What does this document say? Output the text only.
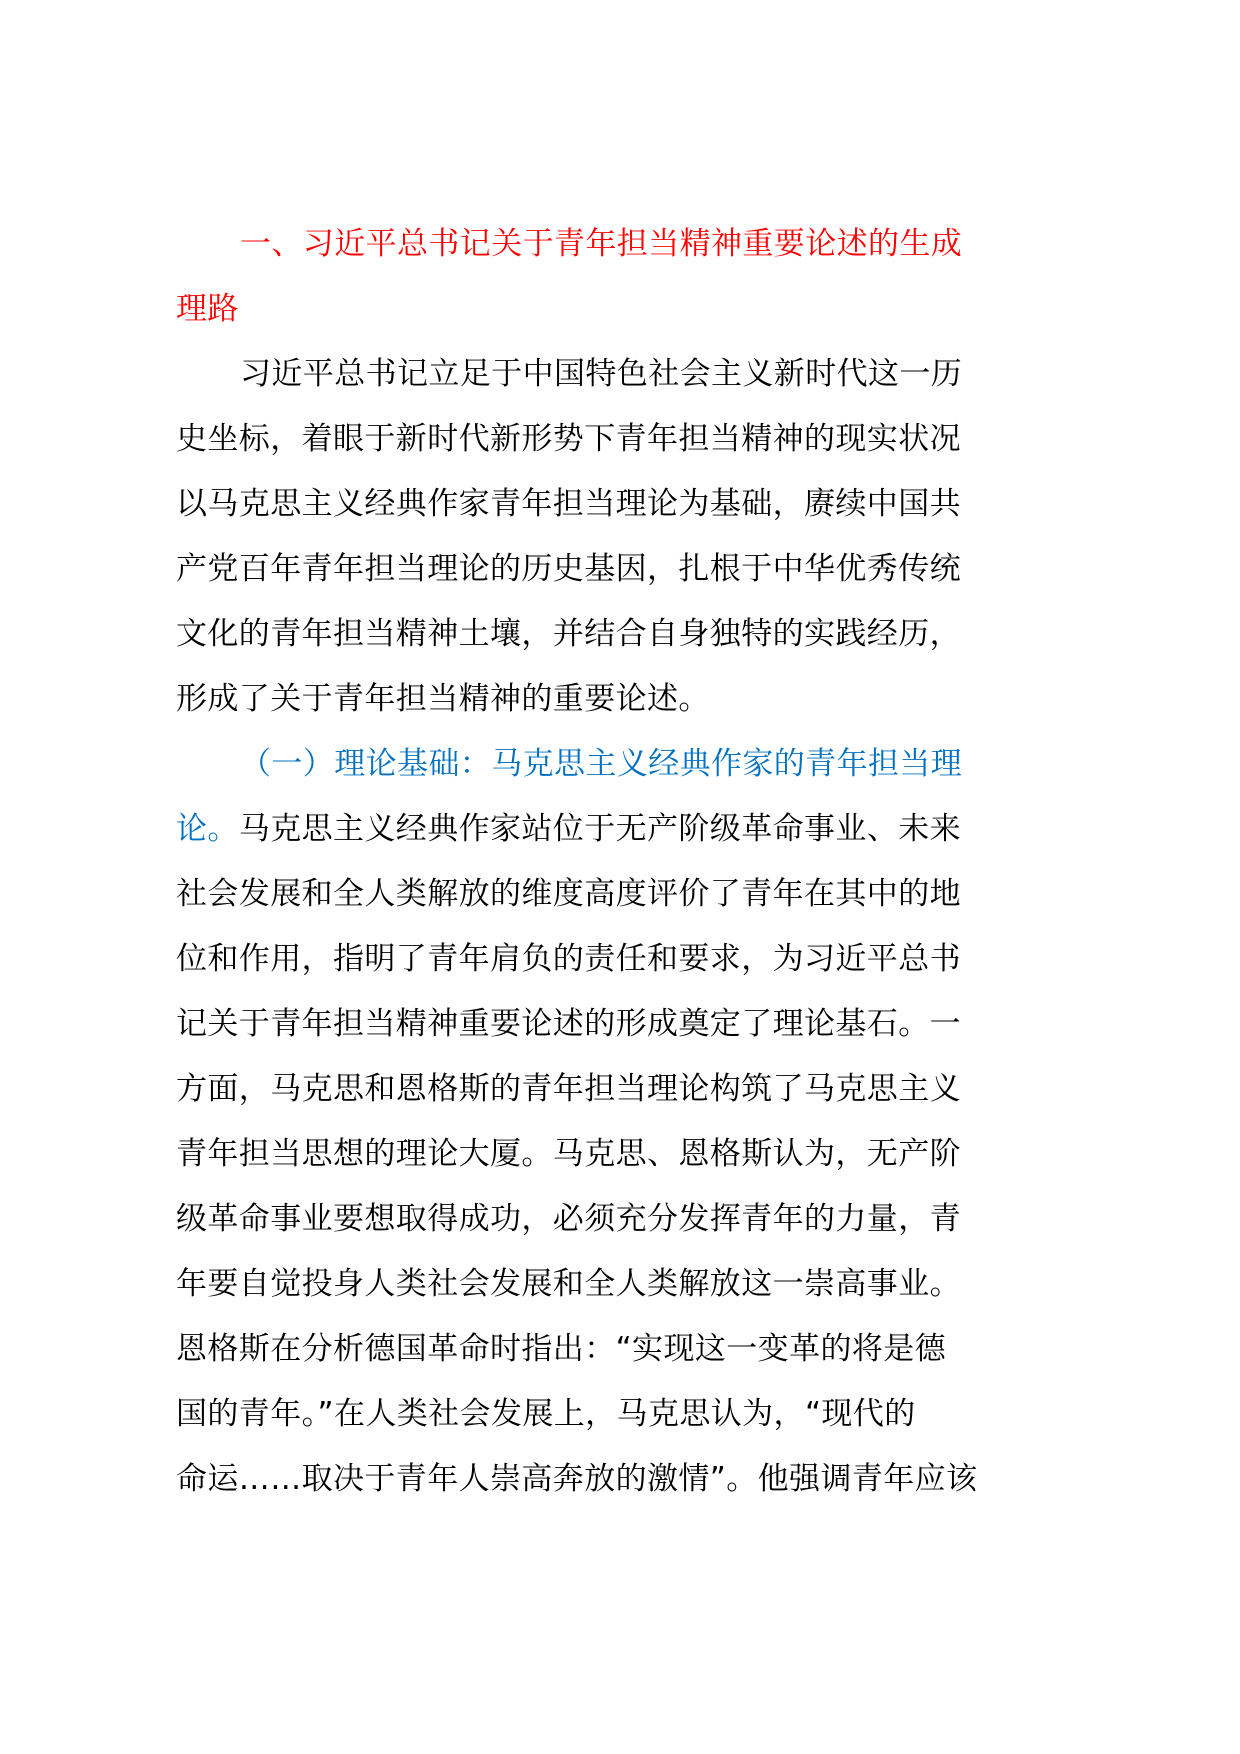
一、习近平总书记关于青年担当精神重要论述的生成
理路
习近平总书记立足于中国特色社会主义新时代这一历
史坐标，着眼于新时代新形势下青年担当精神的现实状况
以马克思主义经典作家青年担当理论为基础，赓续中国共
产党百年青年担当理论的历史基因，扎根于中华优秀传统
文化的青年担当精神土壤，并结合自身独特的实践经历，
形成了关于青年担当精神的重要论述。
（一）理论基础：马克思主义经典作家的青年担当理
论。马克思主义经典作家站位于无产阶级革命事业、未来
社会发展和全人类解放的维度高度评价了青年在其中的地
位和作用，指明了青年肩负的责任和要求，为习近平总书
记关于青年担当精神重要论述的形成奠定了理论基石。一
方面，马克思和恩格斯的青年担当理论构筑了马克思主义
青年担当思想的理论大厦。马克思、恩格斯认为，无产阶
级革命事业要想取得成功，必须充分发挥青年的力量，青
年要自觉投身人类社会发展和全人类解放这一崇高事业。
恩格斯在分析德国革命时指出：“实现这一变革的将是德
国的青年。”在人类社会发展上，马克思认为，“现代的
命运……取决于青年人崇高奔放的激情”。他强调青年应该
